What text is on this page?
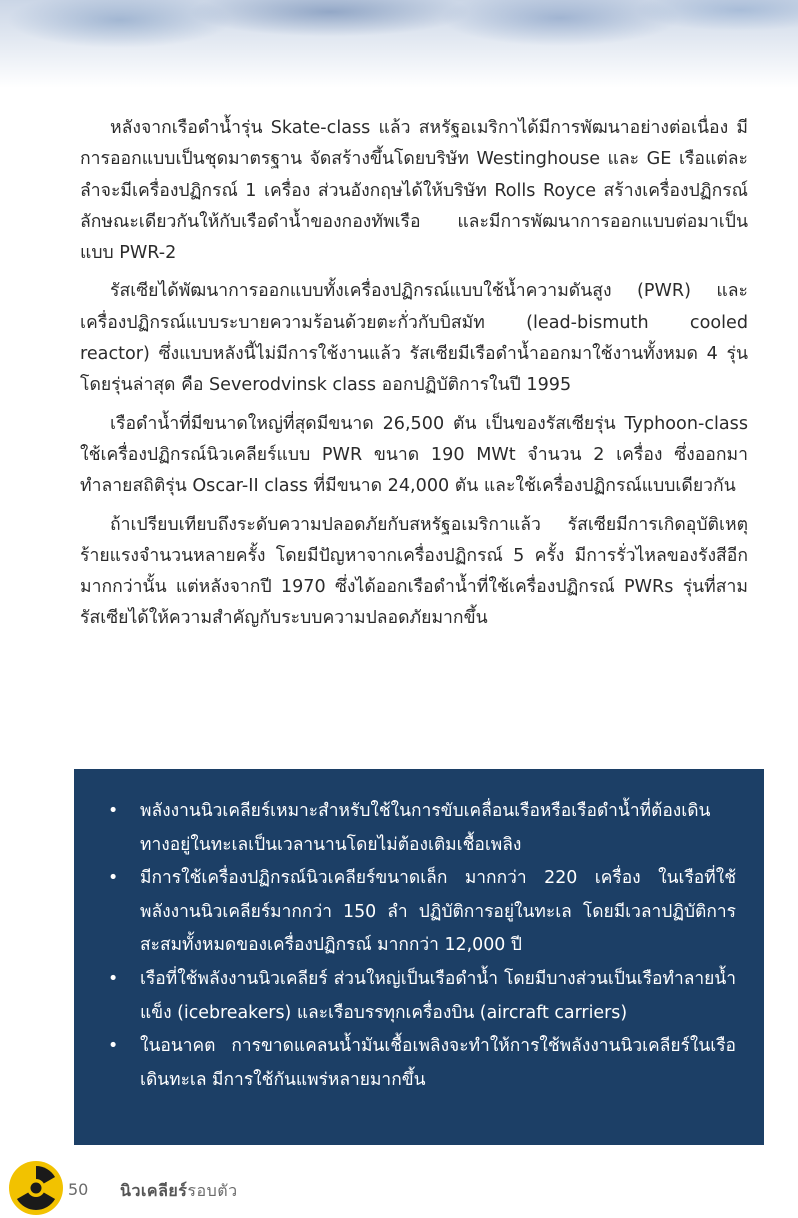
หลังจากเรือดำน้ำรุ่น Skate-class แล้ว สหรัฐอเมริกาได้มีการพัฒนาอย่างต่อเนื่อง มีการออกแบบเป็นชุดมาตรฐาน จัดสร้างขึ้นโดยบริษัท Westinghouse และ GE เรือแต่ละลำจะมีเครื่องปฏิกรณ์ 1 เครื่อง ส่วนอังกฤษได้ให้บริษัท Rolls Royce สร้างเครื่องปฏิกรณ์ลักษณะเดียวกันให้กับเรือดำน้ำของกองทัพเรือ และมีการพัฒนาการออกแบบต่อมาเป็นแบบ PWR-2

รัสเซียได้พัฒนาการออกแบบทั้งเครื่องปฏิกรณ์แบบใช้น้ำความดันสูง (PWR) และ เครื่องปฏิกรณ์แบบระบายความร้อนด้วยตะกั่วกับบิสมัท (lead-bismuth cooled reactor) ซึ่งแบบหลังนี้ไม่มีการใช้งานแล้ว รัสเซียมีเรือดำน้ำออกมาใช้งานทั้งหมด 4 รุ่น โดยรุ่นล่าสุด คือ Severodvinsk class ออกปฏิบัติการในปี 1995

เรือดำน้ำที่มีขนาดใหญ่ที่สุดมีขนาด 26,500 ตัน เป็นของรัสเซียรุ่น Typhoon-class ใช้เครื่องปฏิกรณ์นิวเคลียร์แบบ PWR ขนาด 190 MWt จำนวน 2 เครื่อง ซึ่งออกมาทำลายสถิติรุ่น Oscar-II class ที่มีขนาด 24,000 ตัน และใช้เครื่องปฏิกรณ์แบบเดียวกัน

ถ้าเปรียบเทียบถึงระดับความปลอดภัยกับสหรัฐอเมริกาแล้ว รัสเซียมีการเกิดอุบัติเหตุร้ายแรงจำนวนหลายครั้ง โดยมีปัญหาจากเครื่องปฏิกรณ์ 5 ครั้ง มีการรั่วไหลของรังสีอีกมากกว่านั้น แต่หลังจากปี 1970 ซึ่งได้ออกเรือดำน้ำที่ใช้เครื่องปฏิกรณ์ PWRs รุ่นที่สาม รัสเซียได้ให้ความสำคัญกับระบบความปลอดภัยมากขึ้น

• พลังงานนิวเคลียร์เหมาะสำหรับใช้ในการขับเคลื่อนเรือหรือเรือดำน้ำที่ต้องเดินทางอยู่ในทะเลเป็นเวลานานโดยไม่ต้องเติมเชื้อเพลิง
• มีการใช้เครื่องปฏิกรณ์นิวเคลียร์ขนาดเล็ก มากกว่า 220 เครื่อง ในเรือที่ใช้พลังงานนิวเคลียร์มากกว่า 150 ลำ ปฏิบัติการอยู่ในทะเล โดยมีเวลาปฏิบัติการสะสมทั้งหมดของเครื่องปฏิกรณ์ มากกว่า 12,000 ปี
• เรือที่ใช้พลังงานนิวเคลียร์ ส่วนใหญ่เป็นเรือดำน้ำ โดยมีบางส่วนเป็นเรือทำลายน้ำแข็ง (icebreakers) และเรือบรรทุกเครื่องบิน (aircraft carriers)
• ในอนาคต การขาดแคลนน้ำมันเชื้อเพลิงจะทำให้การใช้พลังงานนิวเคลียร์ในเรือเดินทะเล มีการใช้กันแพร่หลายมากขึ้น
50 นิวเคลียร์รอบตัว
